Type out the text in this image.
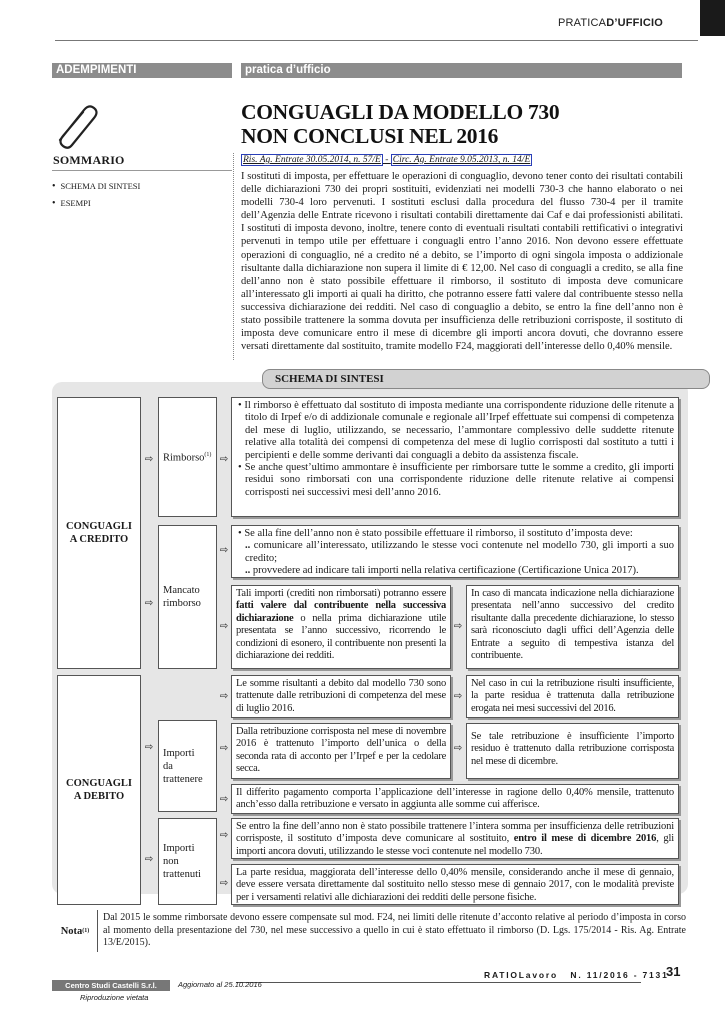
PRATICAD’UFFICIO
ADEMPIMENTI	pratica d’ufficio
CONGUAGLI DA MODELLO 730
NON CONCLUSI NEL 2016
SOMMARIO
• SCHEMA DI SINTESI
• ESEMPI
Ris. Ag. Entrate 30.05.2014, n. 57/E - Circ. Ag. Entrate 9.05.2013, n. 14/E
I sostituti di imposta, per effettuare le operazioni di conguaglio, devono tener conto dei risultati contabili delle dichiarazioni 730 dei propri sostituiti, evidenziati nei modelli 730-3 che hanno elaborato o nei modelli 730-4 loro pervenuti. I sostituti esclusi dalla procedura del flusso 730-4 per il tramite dell’Agenzia delle Entrate ricevono i risultati contabili direttamente dai Caf e dai professionisti abilitati. I sostituti di imposta devono, inoltre, tenere conto di eventuali risultati contabili rettificativi o integrativi pervenuti in tempo utile per effettuare i conguagli entro l’anno 2016. Non devono essere effettuate operazioni di conguaglio, né a credito né a debito, se l’importo di ogni singola imposta o addizionale risultante dalla dichiarazione non supera il limite di € 12,00. Nel caso di conguagli a credito, se alla fine dell’anno non è stato possibile effettuare il rimborso, il sostituto di imposta deve comunicare all’interessato gli importi ai quali ha diritto, che potranno essere fatti valere dal contribuente stesso nella successiva dichiarazione dei redditi. Nel caso di conguaglio a debito, se entro la fine dell’anno non è stato possibile trattenere la somma dovuta per insufficienza delle retribuzioni corrisposte, il sostituto di imposta deve comunicare entro il mese di dicembre gli importi ancora dovuti, che dovranno essere versati direttamente dal sostituito, tramite modello F24, maggiorati dell’interesse dello 0,40% mensile.
SCHEMA DI SINTESI
CONGUAGLI
A CREDITO
⇨
⇨
Rimborso$^{(1)}$ ⇨

• Il rimborso è effettuato dal sostituto di imposta mediante una corrispondente riduzione delle ritenute a titolo di Irpef e/o di addizionale comunale e regionale all’Irpef effettuate sui compensi di competenza del mese di luglio, utilizzando, se necessario, l’ammontare complessivo delle suddette ritenute relative alla totalità dei compensi di competenza del mese di luglio corrisposti dal sostituto a tutti i percipienti e delle somme derivanti dai conguagli a debito da assistenza fiscale.

• Se anche quest’ultimo ammontare è insufficiente per rimborsare tutte le somme a credito, gli importi residui sono rimborsati con una corrispondente riduzione delle ritenute relative ai compensi corrisposti nei successivi mesi dell’anno 2016.

Mancato
rimborso
⇨
⇨

• Se alla fine dell’anno non è stato possibile effettuare il rimborso, il sostituto d’imposta deve:

.. comunicare all’interessato, utilizzando le stesse voci contenute nel modello 730, gli importi a suo credito;

.. provvedere ad indicare tali importi nella relativa certificazione (Certificazione Unica 2017).

Tali importi (crediti non rimborsati) potranno essere fatti valere dal contribuente nella successiva dichiarazione o nella prima dichiarazione utile presentata se l’anno successivo, ricorrendo le condizioni di esonero, il contribuente non presenti la dichiarazione dei redditi.
⇨
In caso di mancata indicazione nella dichiarazione presentata nell’anno successivo del credito risultante dalla precedente dichiarazione, lo stesso sarà riconosciuto dagli uffici dell’Agenzia delle Entrate a seguito di tempestiva istanza del contribuente.
CONGUAGLI
A DEBITO
⇨
⇨
Importi
da
trattenere
⇨
⇨
⇨
Le somme risultanti a debito dal modello 730 sono trattenute dalle retribuzioni di competenza del mese di luglio 2016.
⇨
Nel caso in cui la retribuzione risulti insufficiente, la parte residua è trattenuta dalla retribuzione erogata nei mesi successivi del 2016.
Dalla retribuzione corrisposta nel mese di novembre 2016 è trattenuto l’importo dell’unica o della seconda rata di acconto per l’Irpef e per la cedolare secca.
⇨
Se tale retribuzione è insufficiente l’importo residuo è trattenuto dalla retribuzione corrisposta nel mese di dicembre.
Il differito pagamento comporta l’applicazione dell’interesse in ragione dello 0,40% mensile, trattenuto anch’esso dalla retribuzione e versato in aggiunta alle somme cui afferisce.
Importi
non
trattenuti
⇨
⇨
Se entro la fine dell’anno non è stato possibile trattenere l’intera somma per insufficienza delle retribuzioni corrisposte, il sostituto d’imposta deve comunicare al sostituito, entro il mese di dicembre 2016, gli importi ancora dovuti, utilizzando le stesse voci contenute nel modello 730.
La parte residua, maggiorata dell’interesse dello 0,40% mensile, considerando anche il mese di gennaio, deve essere versata direttamente dal sostituito nello stesso mese di gennaio 2017, con le modalità previste per i versamenti relativi alle dichiarazioni dei redditi delle persone fisiche.
Nota (1)
Dal 2015 le somme rimborsate devono essere compensate sul mod. F24, nei limiti delle ritenute d’acconto relative al periodo d’imposta in corso al momento della presentazione del 730, nel mese successivo a quello in cui è stato effettuato il rimborso (D. Lgs. 175/2014 - Ris. Ag. Entrate 13/E/2015).
RATIOLavoro   N. 11/2016 - 7131
31
Centro Studi Castelli S.r.l.	Aggiornato al 25.10.2016
Riproduzione vietata
